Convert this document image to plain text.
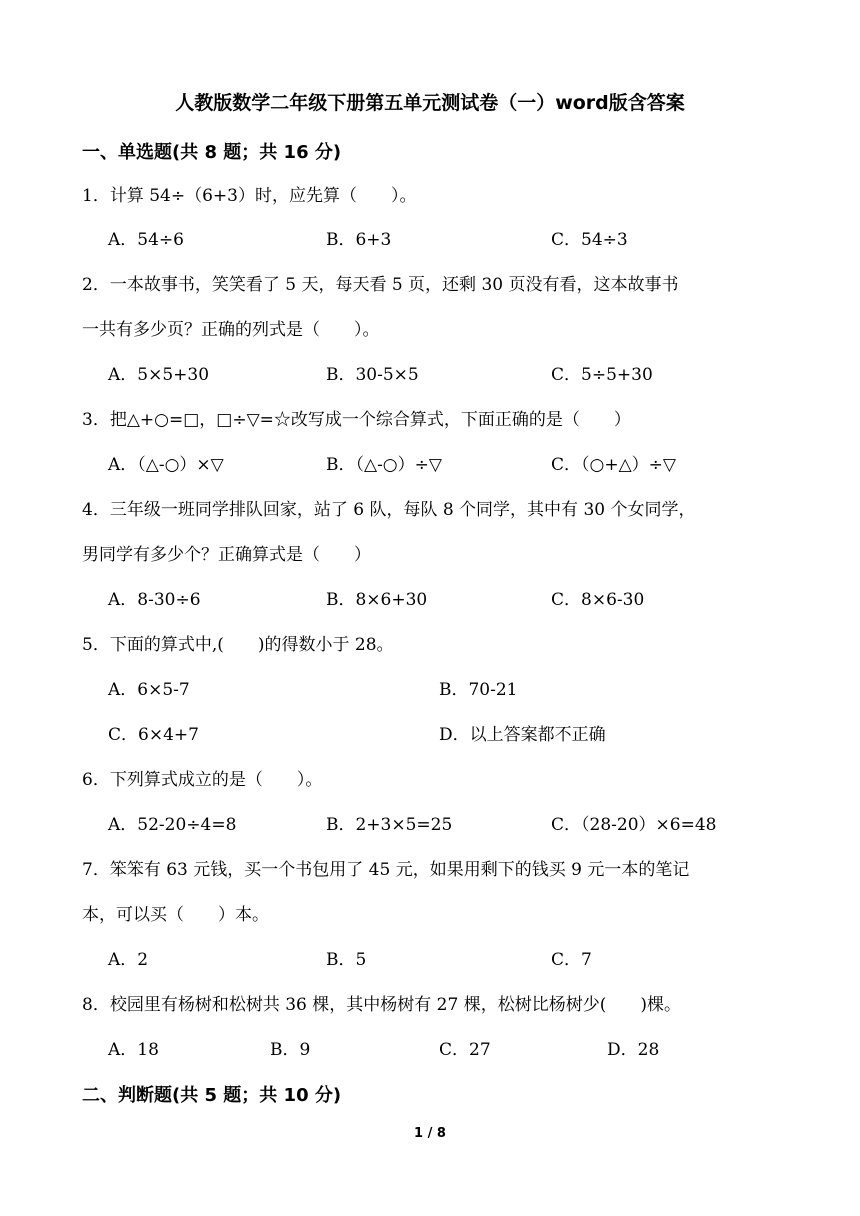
人教版数学二年级下册第五单元测试卷（一）word版含答案
一、单选题(共 8 题；共 16 分)
1．计算 54÷（6+3）时，应先算（　　）。
A．54÷6	B．6+3	C．54÷3
2．一本故事书，笑笑看了 5 天，每天看 5 页，还剩 30 页没有看，这本故事书
一共有多少页？正确的列式是（　　）。
A．5×5+30	B．30-5×5	C．5÷5+30
3．把△+○=□，□÷▽=☆改写成一个综合算式，下面正确的是（　　）
A．（△-○）×▽	B．（△-○）÷▽	C．（○+△）÷▽
4．三年级一班同学排队回家，站了 6 队，每队 8 个同学，其中有 30 个女同学，
男同学有多少个？正确算式是（　　）
A．8-30÷6	B．8×6+30	C．8×6-30
5．下面的算式中,(　　)的得数小于 28。
A．6×5-7	B．70-21
C．6×4+7	D．以上答案都不正确
6．下列算式成立的是（　　）。
A．52-20÷4=8	B．2+3×5=25	C．（28-20）×6=48
7．笨笨有 63 元钱，买一个书包用了 45 元，如果用剩下的钱买 9 元一本的笔记
本，可以买（　　）本。
A．2	B．5	C．7
8．校园里有杨树和松树共 36 棵，其中杨树有 27 棵，松树比杨树少(　　)棵。
A．18	B．9	C．27	D．28
二、判断题(共 5 题；共 10 分)
1 / 8
